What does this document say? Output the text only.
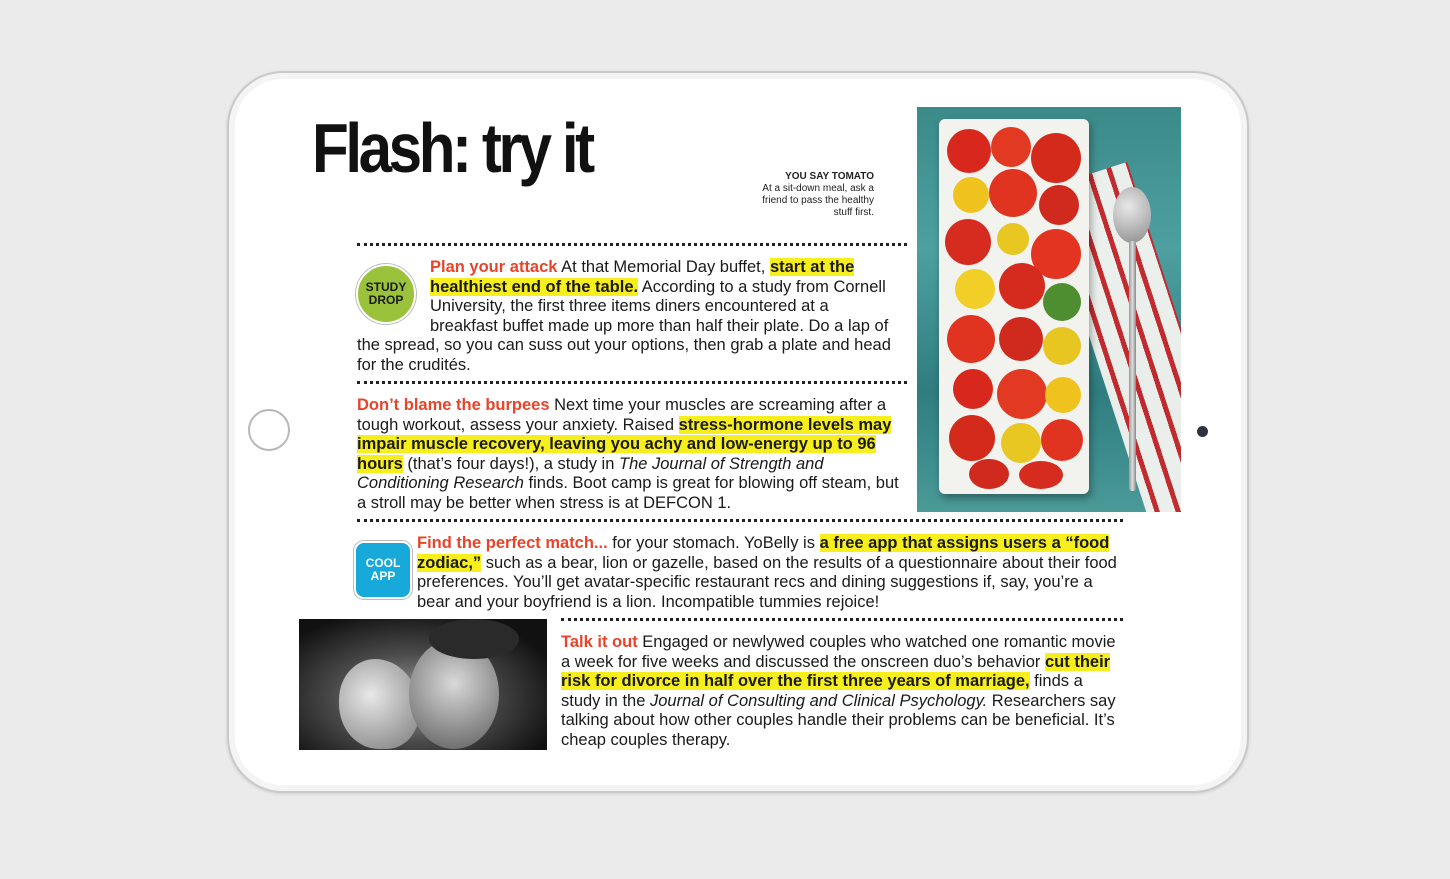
Flash: try it	YOU SAY TOMATO
At a sit-down meal, ask a friend to pass the healthy stuff first.
STUDY
DROP
Plan your attack At that Memorial Day buffet, start at the healthiest end of the table. According to a study from Cornell University, the first three items diners encountered at a breakfast buffet made up more than half their plate. Do a lap of the spread, so you can suss out your options, then grab a plate and head for the crudités.
Don’t blame the burpees Next time your muscles are screaming after a tough workout, assess your anxiety. Raised stress-hormone levels may impair muscle recovery, leaving you achy and low-energy up to 96 hours (that’s four days!), a study in The Journal of Strength and Conditioning Research finds. Boot camp is great for blowing off steam, but a stroll may be better when stress is at DEFCON 1.
COOL
APP
Find the perfect match... for your stomach. YoBelly is a free app that assigns users a “food zodiac,” such as a bear, lion or gazelle, based on the results of a questionnaire about their food preferences. You’ll get avatar-specific restaurant recs and dining suggestions if, say, you’re a bear and your boyfriend is a lion. Incompatible tummies rejoice!
Talk it out Engaged or newlywed couples who watched one romantic movie a week for five weeks and discussed the onscreen duo’s behavior cut their risk for divorce in half over the first three years of marriage, finds a study in the Journal of Consulting and Clinical Psychology. Researchers say talking about how other couples handle their problems can be beneficial. It’s cheap couples therapy.
